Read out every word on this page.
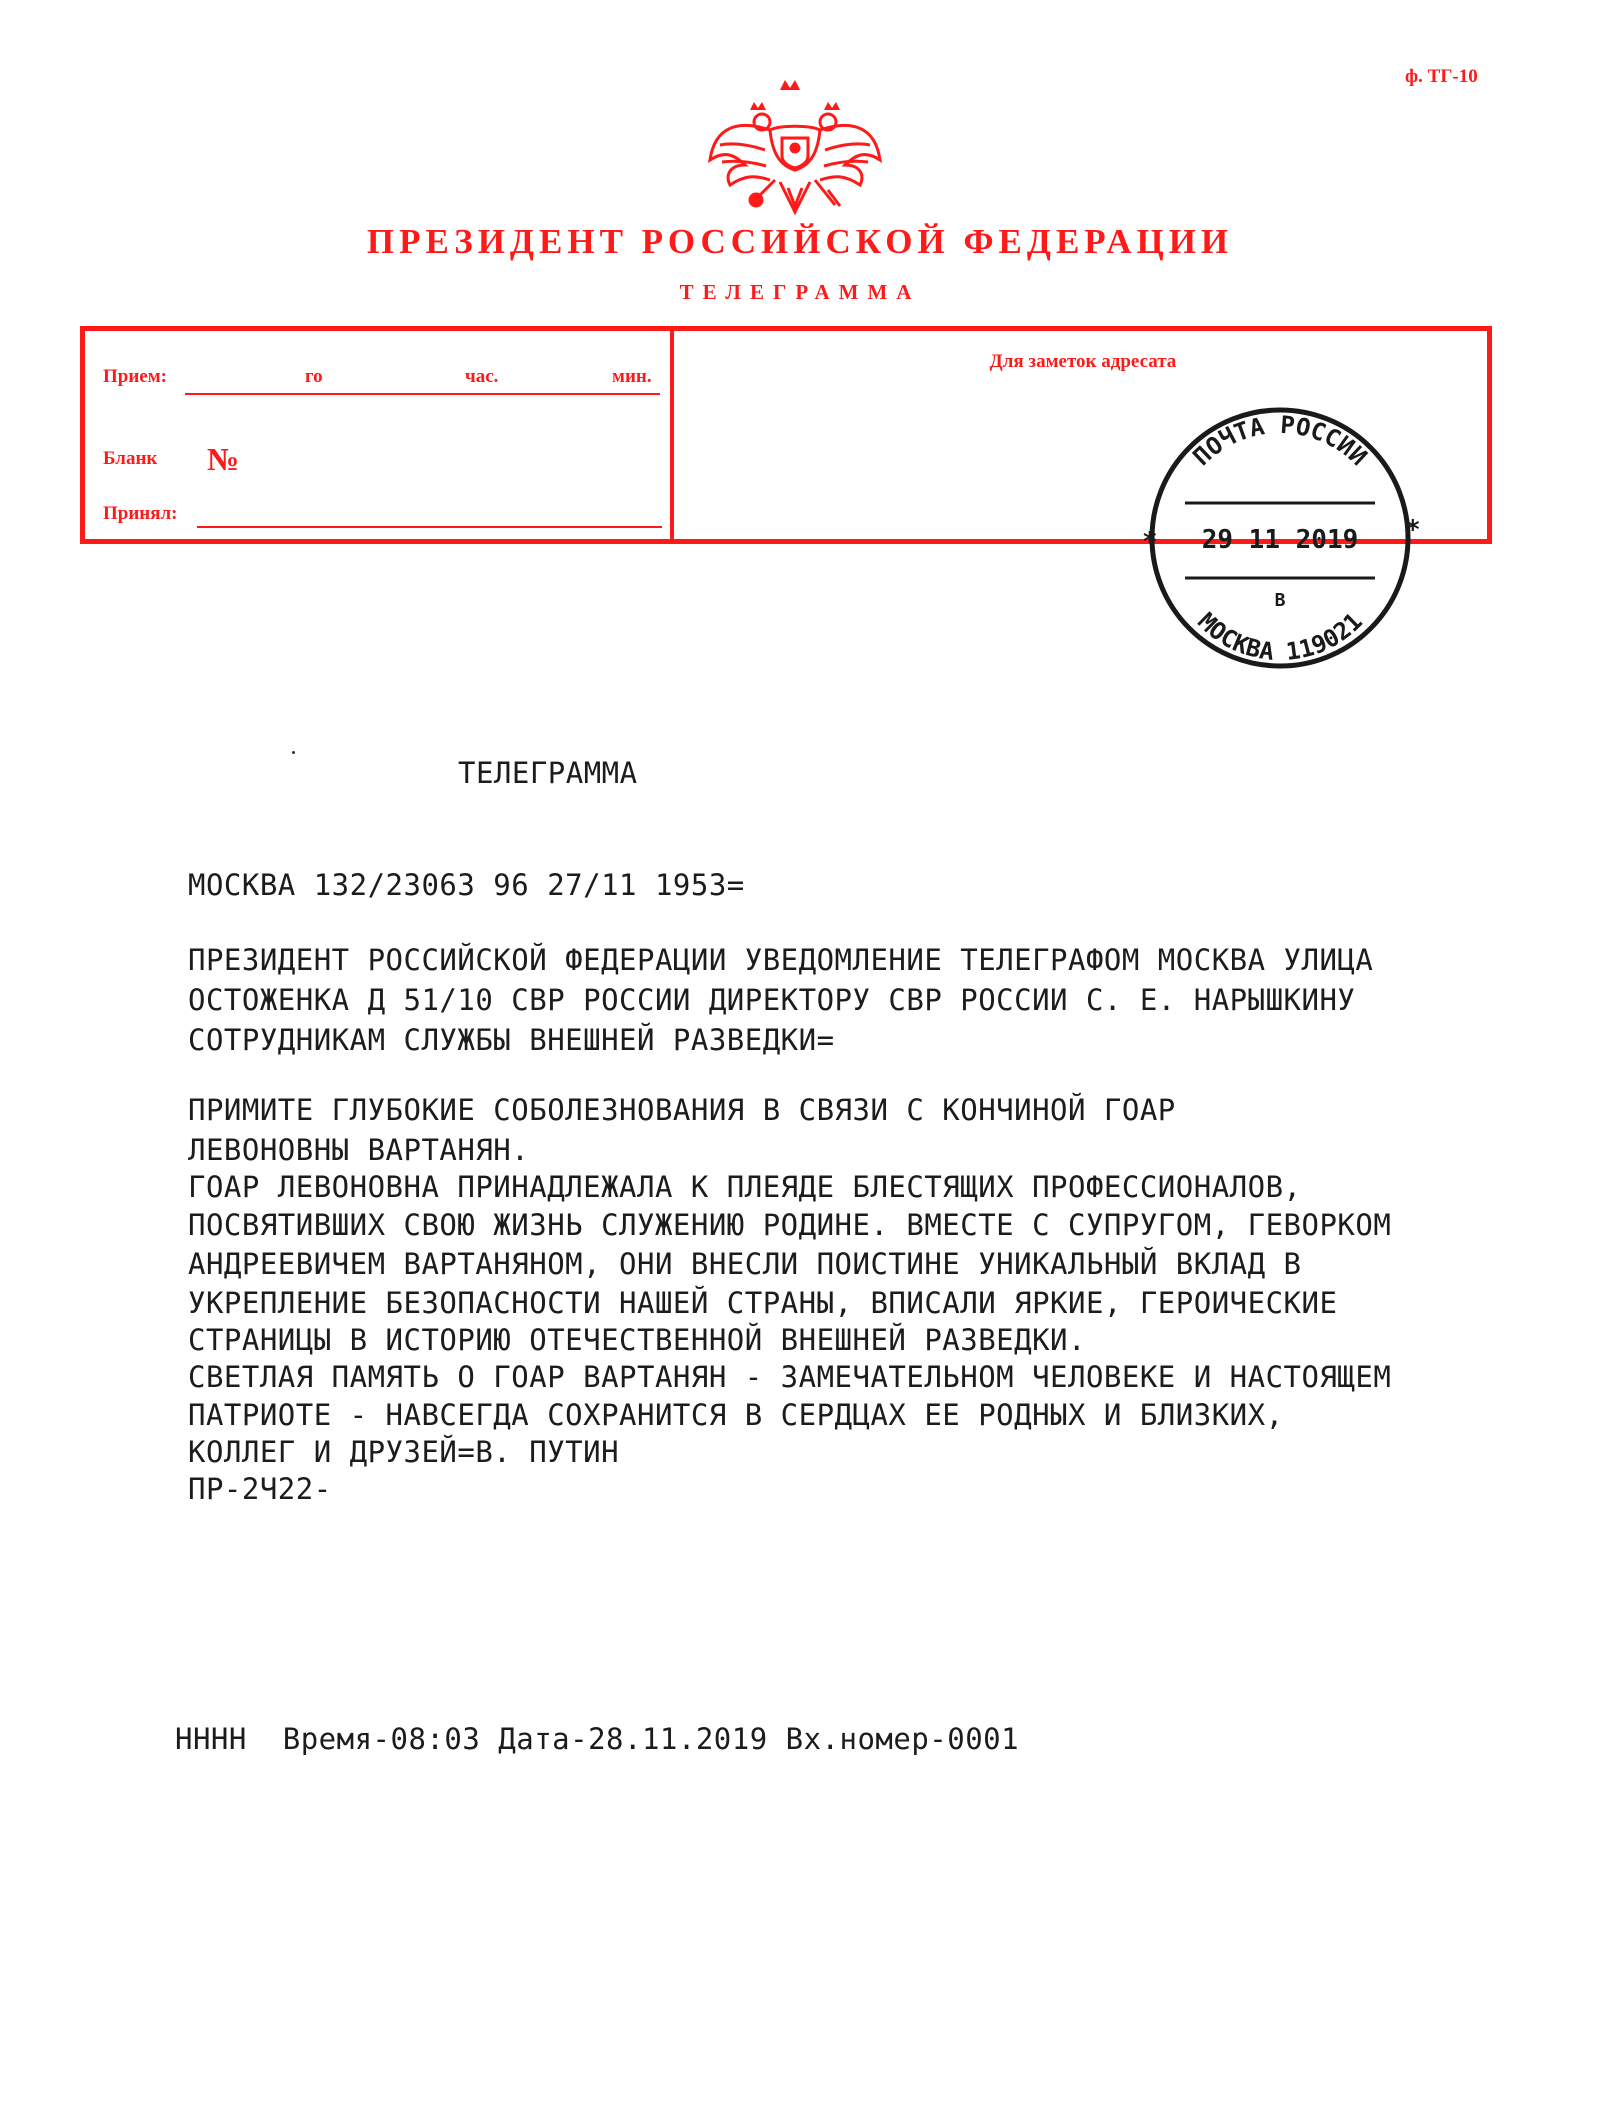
ф. ТГ-10
ПРЕЗИДЕНТ РОССИЙСКОЙ ФЕДЕРАЦИИ
ТЕЛЕГРАММА
Прием:	го	час.	мин.
Бланк №
Принял:
Для заметок адресата
ПОЧТА РОССИИ
МОСКВА 119021
*	*
29 11 2019
В
ТЕЛЕГРАММА
МОСКВА 132/23063 96 27/11 1953=
ПРЕЗИДЕНТ РОССИЙСКОЙ ФЕДЕРАЦИИ УВЕДОМЛЕНИЕ ТЕЛЕГРАФОМ МОСКВА УЛИЦА
ОСТОЖЕНКА Д 51/10 СВР РОССИИ ДИРЕКТОРУ СВР РОССИИ С. Е. НАРЫШКИНУ
СОТРУДНИКАМ СЛУЖБЫ ВНЕШНЕЙ РАЗВЕДКИ=
ПРИМИТЕ ГЛУБОКИЕ СОБОЛЕЗНОВАНИЯ В СВЯЗИ С КОНЧИНОЙ ГОАР
ЛЕВОНОВНЫ ВАРТАНЯН.
ГОАР ЛЕВОНОВНА ПРИНАДЛЕЖАЛА К ПЛЕЯДЕ БЛЕСТЯЩИХ ПРОФЕССИОНАЛОВ,
ПОСВЯТИВШИХ СВОЮ ЖИЗНЬ СЛУЖЕНИЮ РОДИНЕ. ВМЕСТЕ С СУПРУГОМ, ГЕВОРКОМ
АНДРЕЕВИЧЕМ ВАРТАНЯНОМ, ОНИ ВНЕСЛИ ПОИСТИНЕ УНИКАЛЬНЫЙ ВКЛАД В
УКРЕПЛЕНИЕ БЕЗОПАСНОСТИ НАШЕЙ СТРАНЫ, ВПИСАЛИ ЯРКИЕ, ГЕРОИЧЕСКИЕ
СТРАНИЦЫ В ИСТОРИЮ ОТЕЧЕСТВЕННОЙ ВНЕШНЕЙ РАЗВЕДКИ.
СВЕТЛАЯ ПАМЯТЬ О ГОАР ВАРТАНЯН - ЗАМЕЧАТЕЛЬНОМ ЧЕЛОВЕКЕ И НАСТОЯЩЕМ
ПАТРИОТЕ - НАВСЕГДА СОХРАНИТСЯ В СЕРДЦАХ ЕЕ РОДНЫХ И БЛИЗКИХ,
КОЛЛЕГ И ДРУЗЕЙ=В. ПУТИН
ПР-2Ч22-
НННН  Время-08:03 Дата-28.11.2019 Вх.номер-0001
